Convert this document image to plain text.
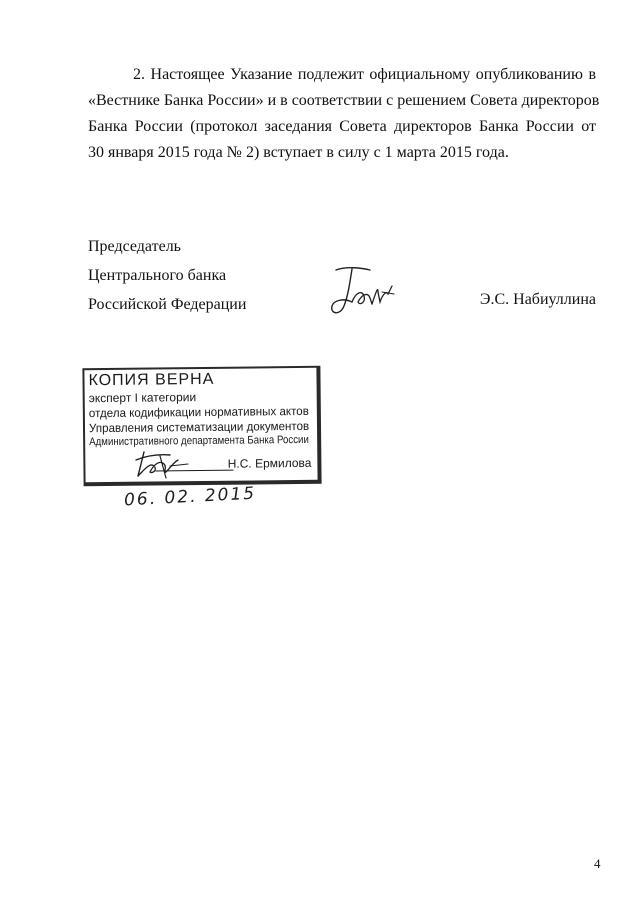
2. Настоящее Указание подлежит официальному опубликованию в
«Вестнике Банка России» и в соответствии с решением Совета директоров
Банка России (протокол заседания Совета директоров Банка России от
30 января 2015 года № 2) вступает в силу с 1 марта 2015 года.
Председатель
Центрального банка
Российской Федерации	Э.С. Набиуллина
КОПИЯ ВЕРНА
эксперт I категории
отдела кодификации нормативных актов
Управления систематизации документов
Административного департамента Банка России
Н.С. Ермилова
06. 02. 2015
4
